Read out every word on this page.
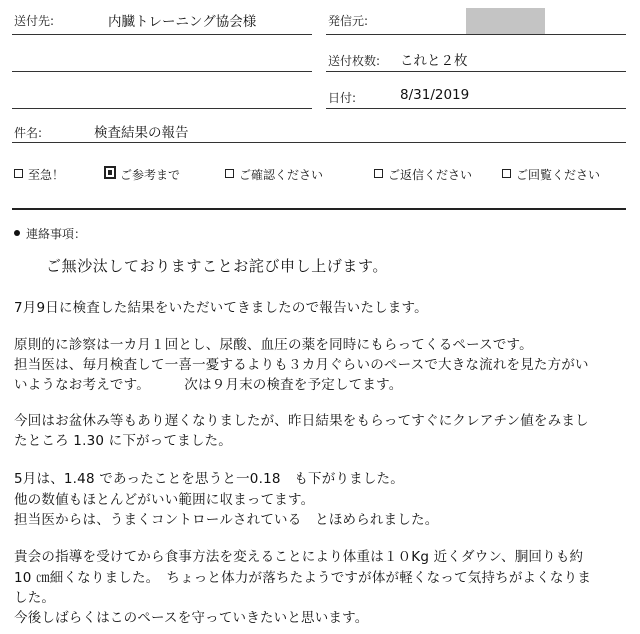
送付先:	内臓トレーニング協会様	発信元:
送付枚数: これと２枚
日付:	8/31/2019
件名:	検査結果の報告
至急！	ご参考まで	ご確認ください	ご返信ください	ご回覧ください
連絡事項：
ご無沙汰しておりますことお詫び申し上げます。
7月9日に検査した結果をいただいてきましたので報告いたします。
原則的に診察は一カ月１回とし、尿酸、血圧の薬を同時にもらってくるペースです。
担当医は、毎月検査して一喜一憂するよりも３カ月ぐらいのペースで大きな流れを見た方がい
いようなお考えです。　　　次は９月末の検査を予定してます。
今回はお盆休み等もあり遅くなりましたが、昨日結果をもらってすぐにクレアチン値をみまし
たところ 1.30 に下がってました。
5月は、1.48 であったことを思うと一0.18　も下がりました。
他の数値もほとんどがいい範囲に収まってます。
担当医からは、うまくコントロールされている　とほめられました。
貴会の指導を受けてから食事方法を変えることにより体重は１０Kg 近くダウン、胴回りも約
10 ㎝細くなりました。　ちょっと体力が落ちたようですが体が軽くなって気持ちがよくなりま
した。
今後しばらくはこのペースを守っていきたいと思います。
